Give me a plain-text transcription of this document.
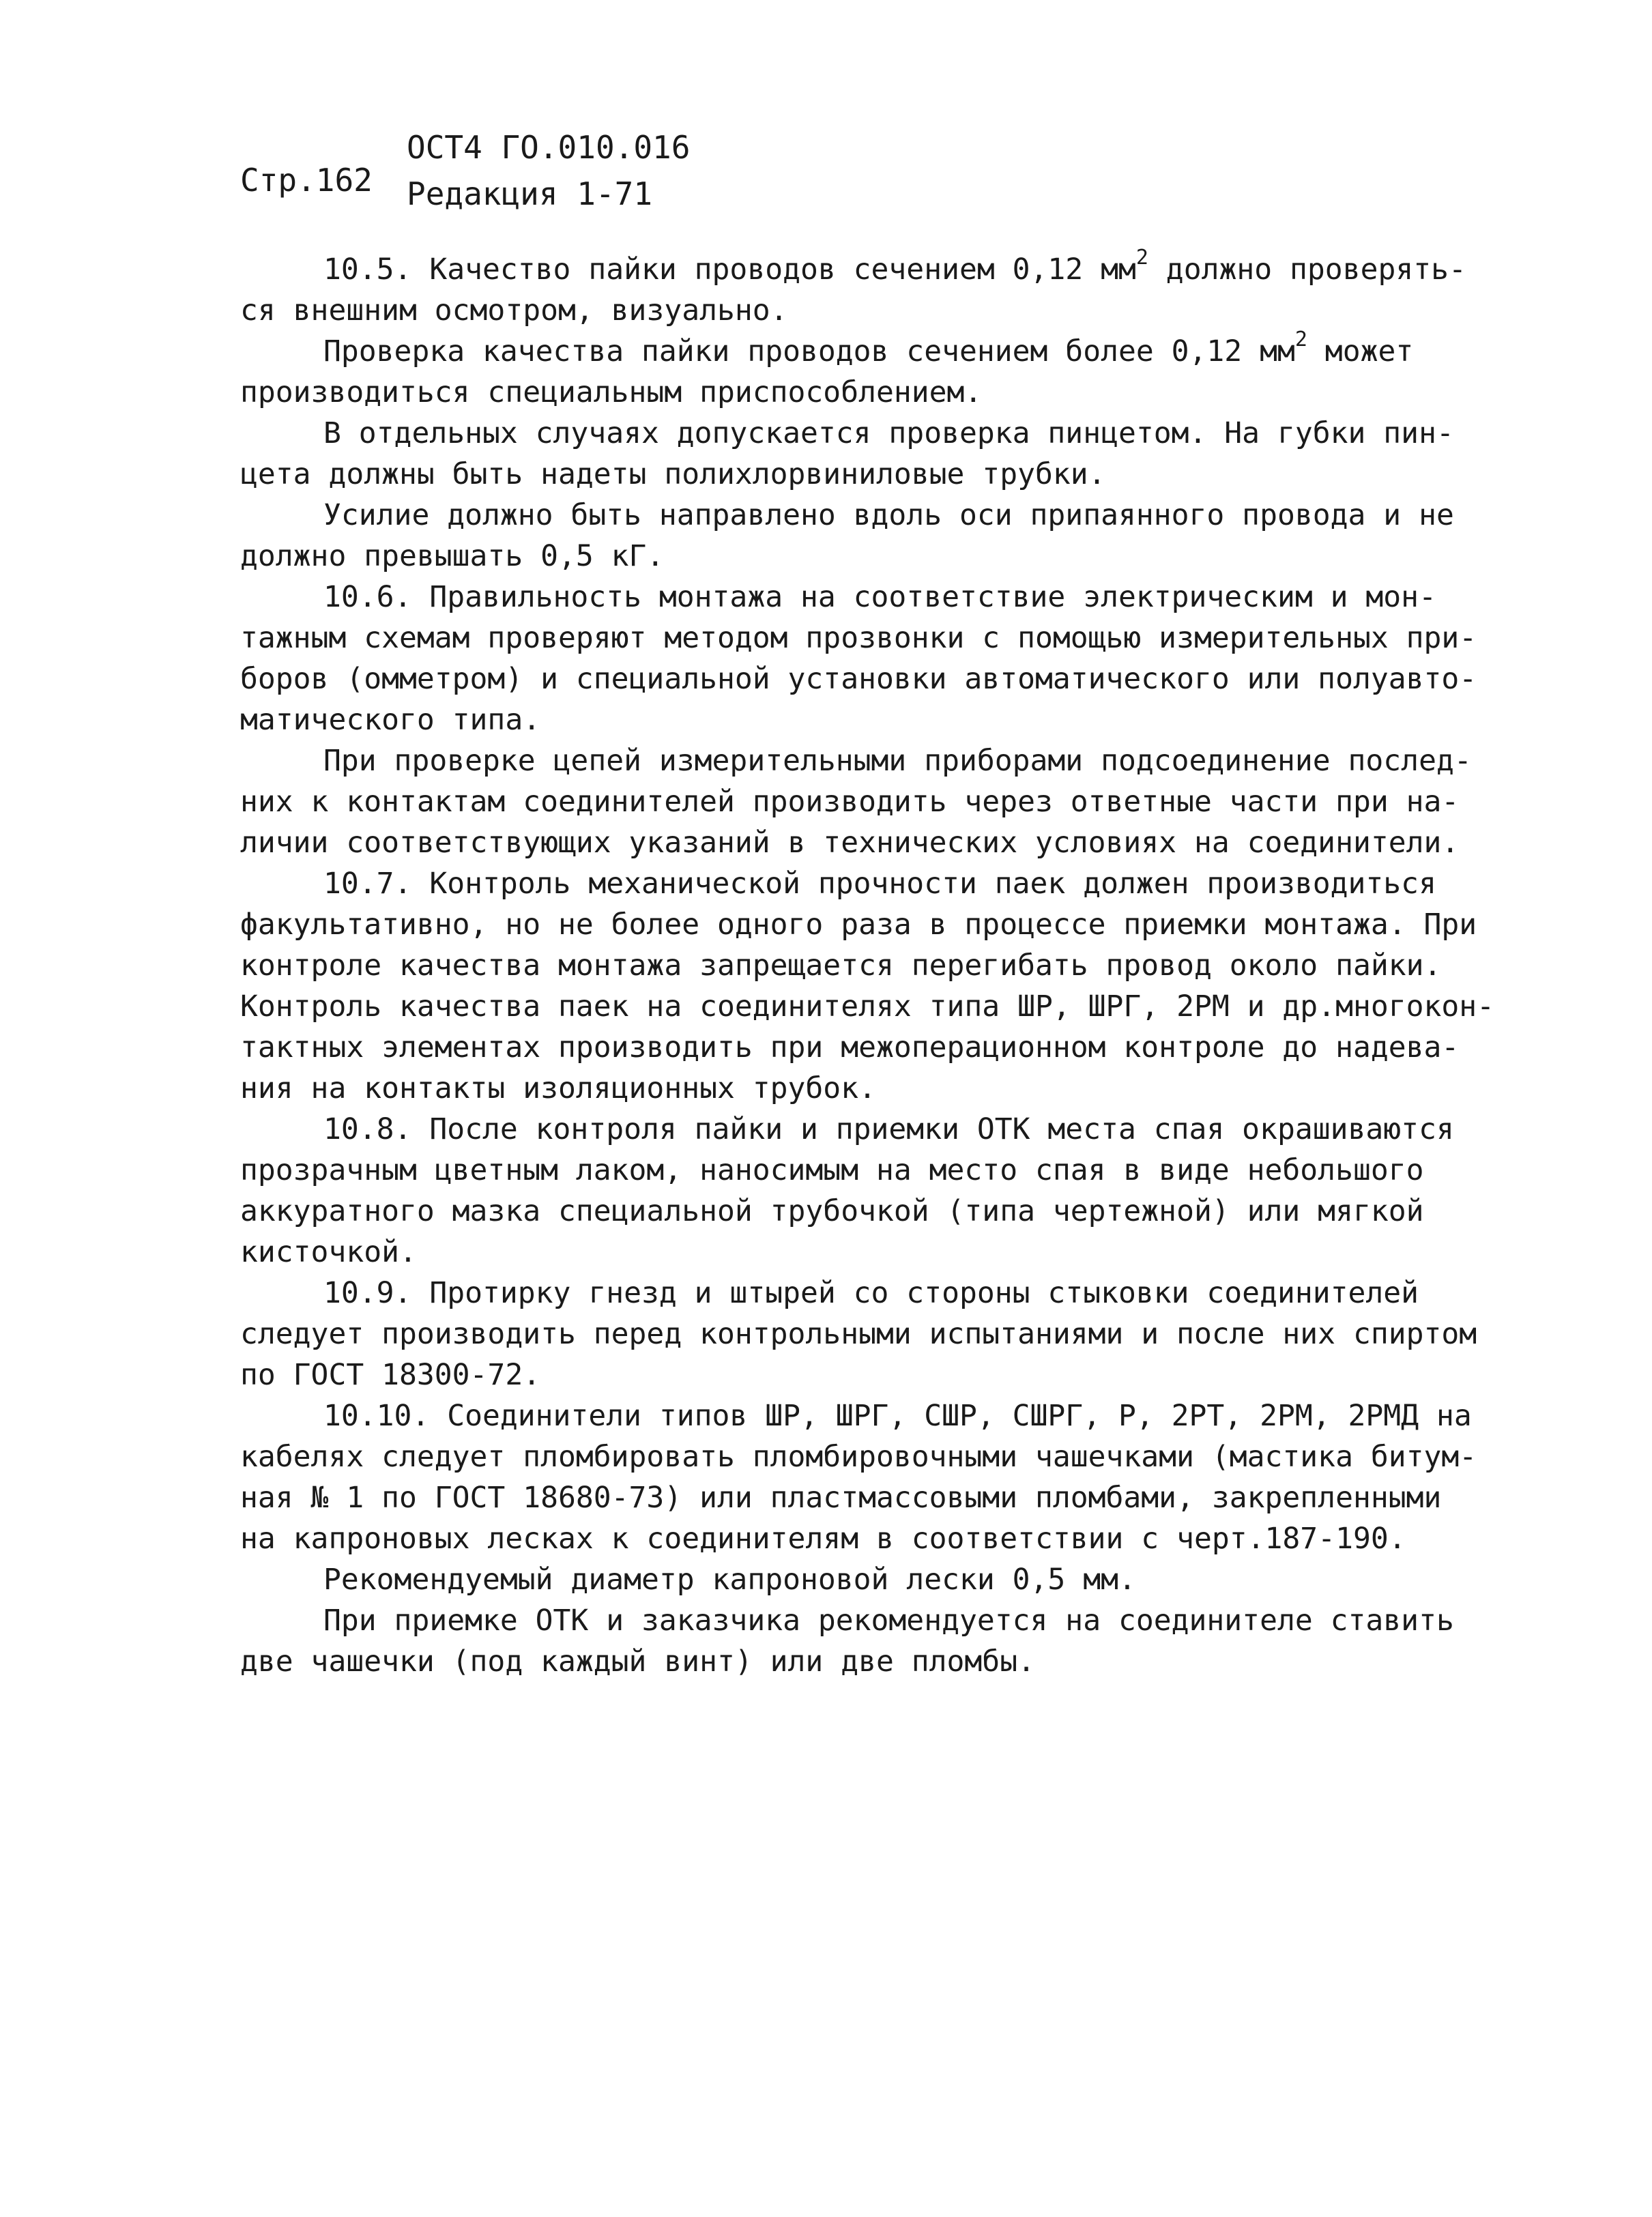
Стр.162
ОСТ4 ГО.010.016
Редакция 1-71
10.5. Качество пайки проводов сечением 0,12 $мм^2$ должно проверять-
ся внешним осмотром, визуально.
Проверка качества пайки проводов сечением более 0,12 $мм^2$ может
производиться специальным приспособлением.
В отдельных случаях допускается проверка пинцетом. На губки пин-
цета должны быть надеты полихлорвиниловые трубки.
Усилие должно быть направлено вдоль оси припаянного провода и не
должно превышать 0,5 кГ.
10.6. Правильность монтажа на соответствие электрическим и мон-
тажным схемам проверяют методом прозвонки с помощью измерительных при-
боров (омметром) и специальной установки автоматического или полуавто-
матического типа.
При проверке цепей измерительными приборами подсоединение послед-
них к контактам соединителей производить через ответные части при на-
личии соответствующих указаний в технических условиях на соединители.
10.7. Контроль механической прочности паек должен производиться
факультативно, но не более одного раза в процессе приемки монтажа. При
контроле качества монтажа запрещается перегибать провод около пайки.
Контроль качества паек на соединителях типа ШР, ШРГ, 2РМ и др.многокон-
тактных элементах производить при межоперационном контроле до надева-
ния на контакты изоляционных трубок.
10.8. После контроля пайки и приемки ОТК места спая окрашиваются
прозрачным цветным лаком, наносимым на место спая в виде небольшого
аккуратного мазка специальной трубочкой (типа чертежной) или мягкой
кисточкой.
10.9. Протирку гнезд и штырей со стороны стыковки соединителей
следует производить перед контрольными испытаниями и после них спиртом
по ГОСТ 18300-72.
10.10. Соединители типов ШР, ШРГ, СШР, СШРГ, Р, 2РТ, 2РМ, 2РМД на
кабелях следует пломбировать пломбировочными чашечками (мастика битум-
ная № 1 по ГОСТ 18680-73) или пластмассовыми пломбами, закрепленными
на капроновых лесках к соединителям в соответствии с черт.187-190.
Рекомендуемый диаметр капроновой лески 0,5 мм.
При приемке ОТК и заказчика рекомендуется на соединителе ставить
две чашечки (под каждый винт) или две пломбы.
